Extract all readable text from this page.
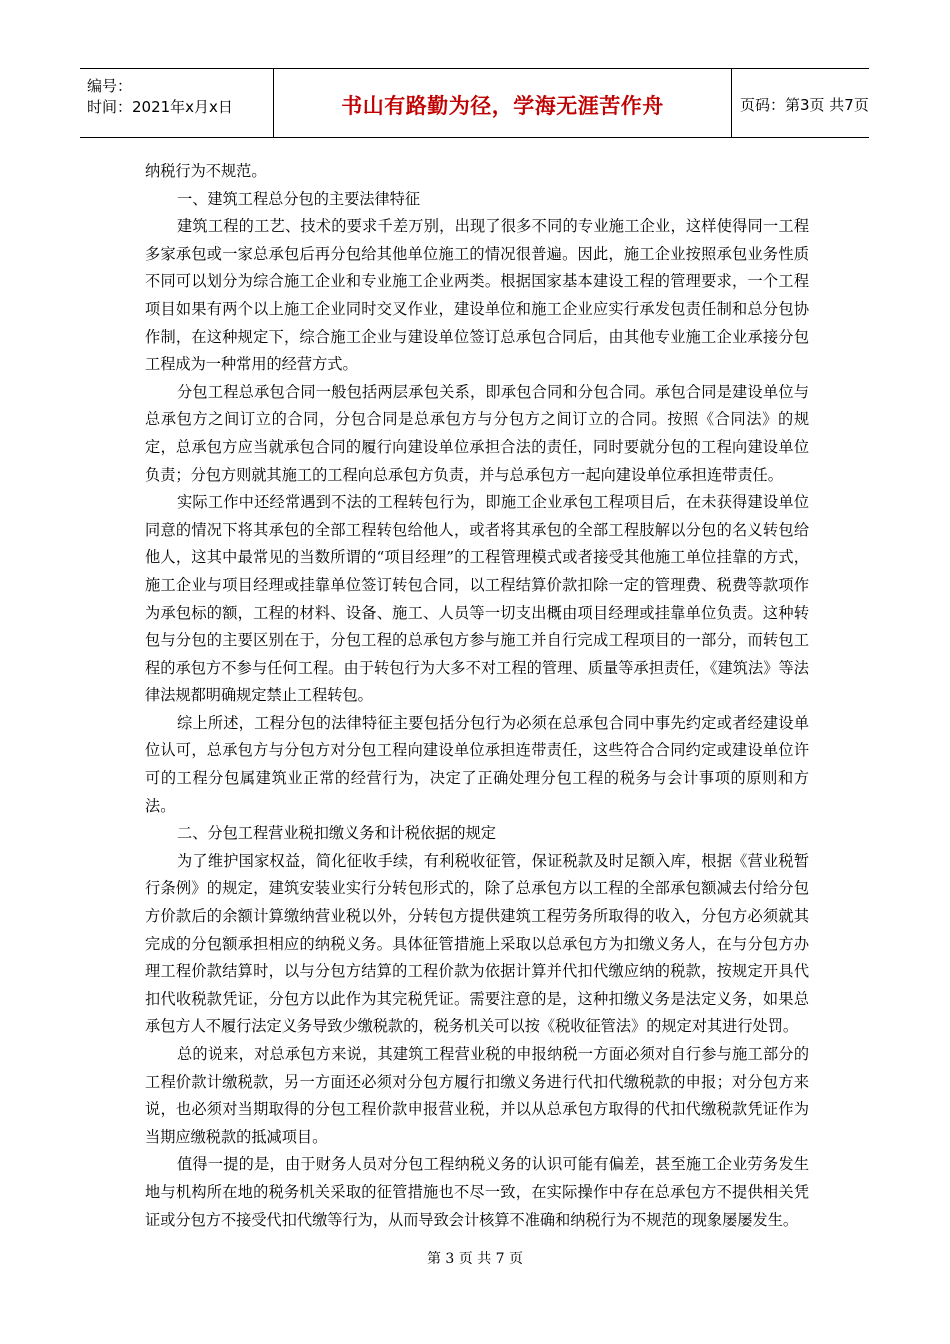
编号：
时间：2021年x月x日	书山有路勤为径，学海无涯苦作舟	页码：第3页 共7页

纳税行为不规范。

一、建筑工程总分包的主要法律特征

建筑工程的工艺、技术的要求千差万别，出现了很多不同的专业施工企业，这样使得同一工程多家承包或一家总承包后再分包给其他单位施工的情况很普遍。因此，施工企业按照承包业务性质不同可以划分为综合施工企业和专业施工企业两类。根据国家基本建设工程的管理要求，一个工程项目如果有两个以上施工企业同时交叉作业，建设单位和施工企业应实行承发包责任制和总分包协作制，在这种规定下，综合施工企业与建设单位签订总承包合同后，由其他专业施工企业承接分包工程成为一种常用的经营方式。

分包工程总承包合同一般包括两层承包关系，即承包合同和分包合同。承包合同是建设单位与总承包方之间订立的合同，分包合同是总承包方与分包方之间订立的合同。按照《合同法》的规定，总承包方应当就承包合同的履行向建设单位承担合法的责任，同时要就分包的工程向建设单位负责；分包方则就其施工的工程向总承包方负责，并与总承包方一起向建设单位承担连带责任。

实际工作中还经常遇到不法的工程转包行为，即施工企业承包工程项目后，在未获得建设单位同意的情况下将其承包的全部工程转包给他人，或者将其承包的全部工程肢解以分包的名义转包给他人，这其中最常见的当数所谓的“项目经理”的工程管理模式或者接受其他施工单位挂靠的方式，施工企业与项目经理或挂靠单位签订转包合同，以工程结算价款扣除一定的管理费、税费等款项作为承包标的额，工程的材料、设备、施工、人员等一切支出概由项目经理或挂靠单位负责。这种转包与分包的主要区别在于，分包工程的总承包方参与施工并自行完成工程项目的一部分，而转包工程的承包方不参与任何工程。由于转包行为大多不对工程的管理、质量等承担责任，《建筑法》等法律法规都明确规定禁止工程转包。

综上所述，工程分包的法律特征主要包括分包行为必须在总承包合同中事先约定或者经建设单位认可，总承包方与分包方对分包工程向建设单位承担连带责任，这些符合合同约定或建设单位许可的工程分包属建筑业正常的经营行为，决定了正确处理分包工程的税务与会计事项的原则和方法。

二、分包工程营业税扣缴义务和计税依据的规定

为了维护国家权益，简化征收手续，有利税收征管，保证税款及时足额入库，根据《营业税暂行条例》的规定，建筑安装业实行分转包形式的，除了总承包方以工程的全部承包额减去付给分包方价款后的余额计算缴纳营业税以外，分转包方提供建筑工程劳务所取得的收入，分包方必须就其完成的分包额承担相应的纳税义务。具体征管措施上采取以总承包方为扣缴义务人，在与分包方办理工程价款结算时，以与分包方结算的工程价款为依据计算并代扣代缴应纳的税款，按规定开具代扣代收税款凭证，分包方以此作为其完税凭证。需要注意的是，这种扣缴义务是法定义务，如果总承包方人不履行法定义务导致少缴税款的，税务机关可以按《税收征管法》的规定对其进行处罚。

总的说来，对总承包方来说，其建筑工程营业税的申报纳税一方面必须对自行参与施工部分的工程价款计缴税款，另一方面还必须对分包方履行扣缴义务进行代扣代缴税款的申报；对分包方来说，也必须对当期取得的分包工程价款申报营业税，并以从总承包方取得的代扣代缴税款凭证作为当期应缴税款的抵减项目。

值得一提的是，由于财务人员对分包工程纳税义务的认识可能有偏差，甚至施工企业劳务发生地与机构所在地的税务机关采取的征管措施也不尽一致，在实际操作中存在总承包方不提供相关凭证或分包方不接受代扣代缴等行为，从而导致会计核算不准确和纳税行为不规范的现象屡屡发生。

第 3 页 共 7 页
